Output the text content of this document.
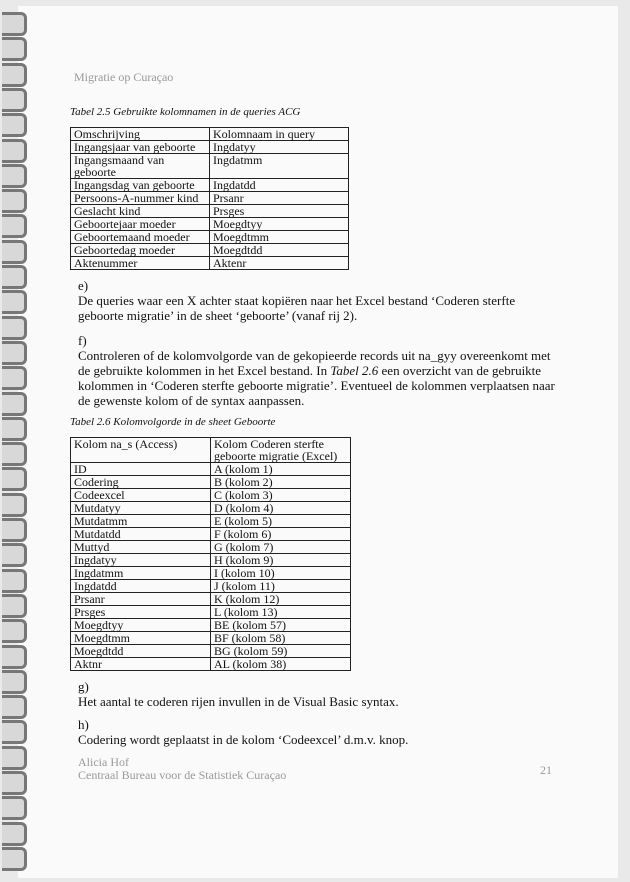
Migratie op Curaçao
Tabel 2.5 Gebruikte kolomnamen in de queries ACG
Omschrijving	Kolomnaam in query
Ingangsjaar van geboorte	Ingdatyy
Ingangsmaand van geboorte	Ingdatmm
Ingangsdag van geboorte	Ingdatdd
Persoons-A-nummer kind	Prsanr
Geslacht kind	Prsges
Geboortejaar moeder	Moegdtyy
Geboortemaand moeder	Moegdtmm
Geboortedag moeder	Moegdtdd
Aktenummer	Aktenr
e)
De queries waar een X achter staat kopiëren naar het Excel bestand ‘Coderen sterfte geboorte migratie’ in de sheet ‘geboorte’ (vanaf rij 2).
f)
Controleren of de kolomvolgorde van de gekopieerde records uit na_gyy overeenkomt met de gebruikte kolommen in het Excel bestand. In Tabel 2.6 een overzicht van de gebruikte kolommen in ‘Coderen sterfte geboorte migratie’. Eventueel de kolommen verplaatsen naar de gewenste kolom of de syntax aanpassen.
Tabel 2.6 Kolomvolgorde in de sheet Geboorte
Kolom na_s (Access)	Kolom Coderen sterfte geboorte migratie (Excel)
ID	A (kolom 1)
Codering	B (kolom 2)
Codeexcel	C (kolom 3)
Mutdatyy	D (kolom 4)
Mutdatmm	E (kolom 5)
Mutdatdd	F (kolom 6)
Muttyd	G (kolom 7)
Ingdatyy	H (kolom 9)
Ingdatmm	I (kolom 10)
Ingdatdd	J (kolom 11)
Prsanr	K (kolom 12)
Prsges	L (kolom 13)
Moegdtyy	BE (kolom 57)
Moegdtmm	BF (kolom 58)
Moegdtdd	BG (kolom 59)
Aktnr	AL (kolom 38)
g)
Het aantal te coderen rijen invullen in de Visual Basic syntax.
h)
Codering wordt geplaatst in de kolom ‘Codeexcel’ d.m.v. knop.
Alicia Hof
Centraal Bureau voor de Statistiek Curaçao	21
